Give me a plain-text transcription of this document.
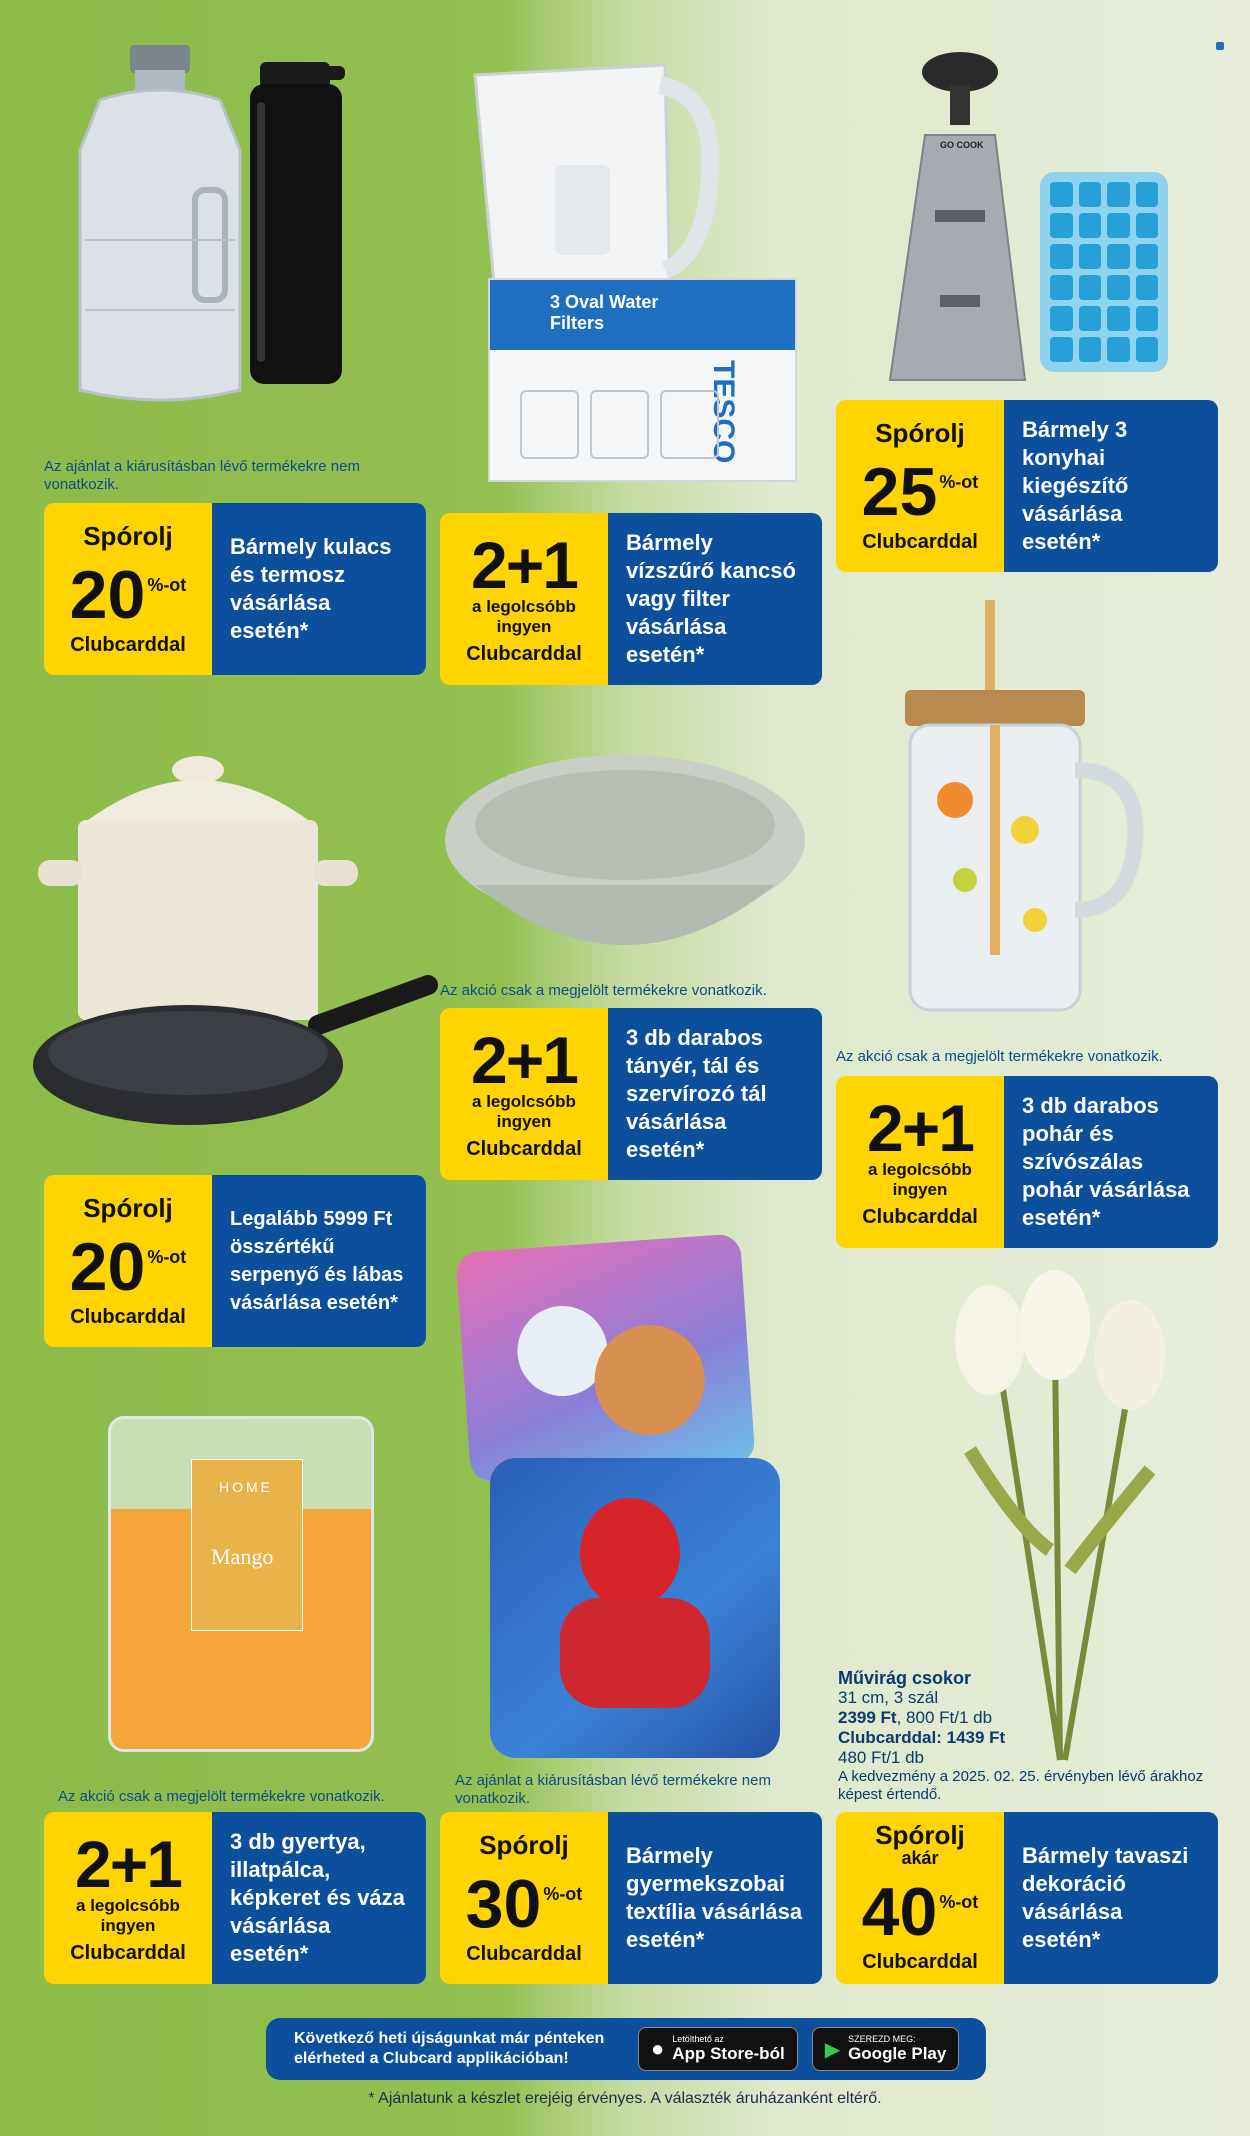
3 Oval Water Filters
TESCO
GO COOK
HOME
Mango
Az ajánlat a kiárusításban lévő termékekre nem vonatkozik.
Az akció csak a megjelölt termékekre vonatkozik.
Az akció csak a megjelölt termékekre vonatkozik.
Az akció csak a megjelölt termékekre vonatkozik.
Az ajánlat a kiárusításban lévő termékekre nem vonatkozik.
Spórolj
20 %-ot
Clubcarddal
Bármely kulacs és termosz vásárlása esetén*
2+1
a legolcsóbb ingyen
Clubcarddal
Bármely vízszűrő kancsó vagy filter vásárlása esetén*
Spórolj
25 %-ot
Clubcarddal
Bármely 3 konyhai kiegészítő vásárlása esetén*
2+1
a legolcsóbb ingyen
Clubcarddal
3 db darabos tányér, tál és szervírozó tál vásárlása esetén*	2+1
a legolcsóbb ingyen
Clubcarddal
3 db darabos pohár és szívószálas pohár vásárlása esetén*
Spórolj
20 %-ot
Clubcarddal
Legalább 5999 Ft összértékű serpenyő és lábas vásárlása esetén*
Művirág csokor
31 cm, 3 szál
2399 Ft, 800 Ft/1 db
Clubcarddal: 1439 Ft
480 Ft/1 db
A kedvezmény a 2025. 02. 25. érvényben lévő árakhoz képest értendő.
2+1
a legolcsóbb ingyen
Clubcarddal
3 db gyertya, illatpálca, képkeret és váza vásárlása esetén*
Spórolj
30 %-ot
Clubcarddal
Bármely gyermekszobai textília vásárlása esetén*
Spórolj
akár
40 %-ot
Clubcarddal
Bármely tavaszi dekoráció vásárlása esetén*
Következő heti újságunkat már pénteken elérheted a Clubcard applikációban!	● Letölthető az
App Store-ból ▶ SZEREZD MEG:
Google Play
* Ajánlatunk a készlet erejéig érvényes. A választék áruházanként eltérő.
